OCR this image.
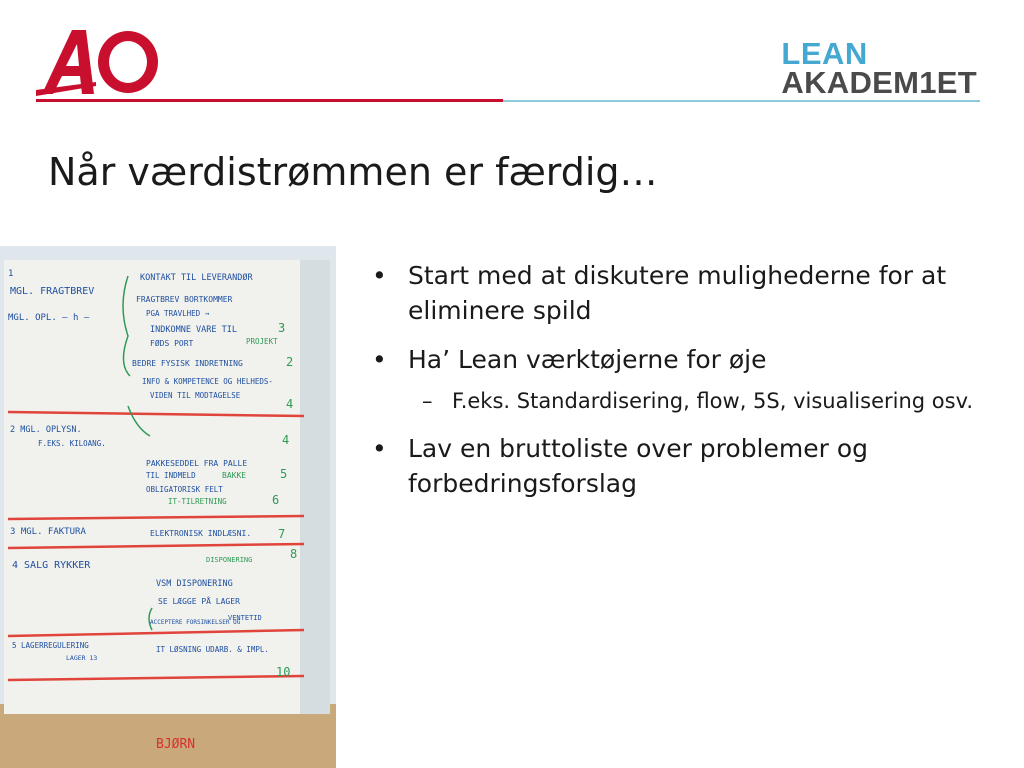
LEAN
AKADEM1ET
Når værdistrømmen er færdig…
1
MGL. FRAGTBREV
MGL. OPL. — h —
KONTAKT TIL LEVERANDØR
FRAGTBREV BORTKOMMER
PGA TRAVLHED →
INDKOMNE VARE TIL
FØDS PORT	PROJEKT
BEDRE FYSISK INDRETNING
INFO & KOMPETENCE OG HELHEDS-
VIDEN TIL MODTAGELSE
2 MGL. OPLYSN.
F.EKS. KILOANG.
PAKKESEDDEL FRA PALLE
TIL INDMELD	BAKKE
OBLIGATORISK FELT
IT-TILRETNING
3 MGL. FAKTURA	ELEKTRONISK INDLÆSNI.
4 SALG RYKKER	DISPONERING
VSM DISPONERING
SE LÆGGE PÅ LAGER
VENTETID
ACCEPTERE FORSINKELSER OG
5 LAGERREGULERING
LAGER 13
IT LØSNING UDARB. & IMPL.
BJØRN
3
2
4
4
5
6
7
8
10
• Start med at diskutere mulighederne for at eliminere spild
• Ha’ Lean værktøjerne for øje
– F.eks. Standardisering, flow, 5S, visualisering osv.
• Lav en bruttoliste over problemer og forbedringsforslag
